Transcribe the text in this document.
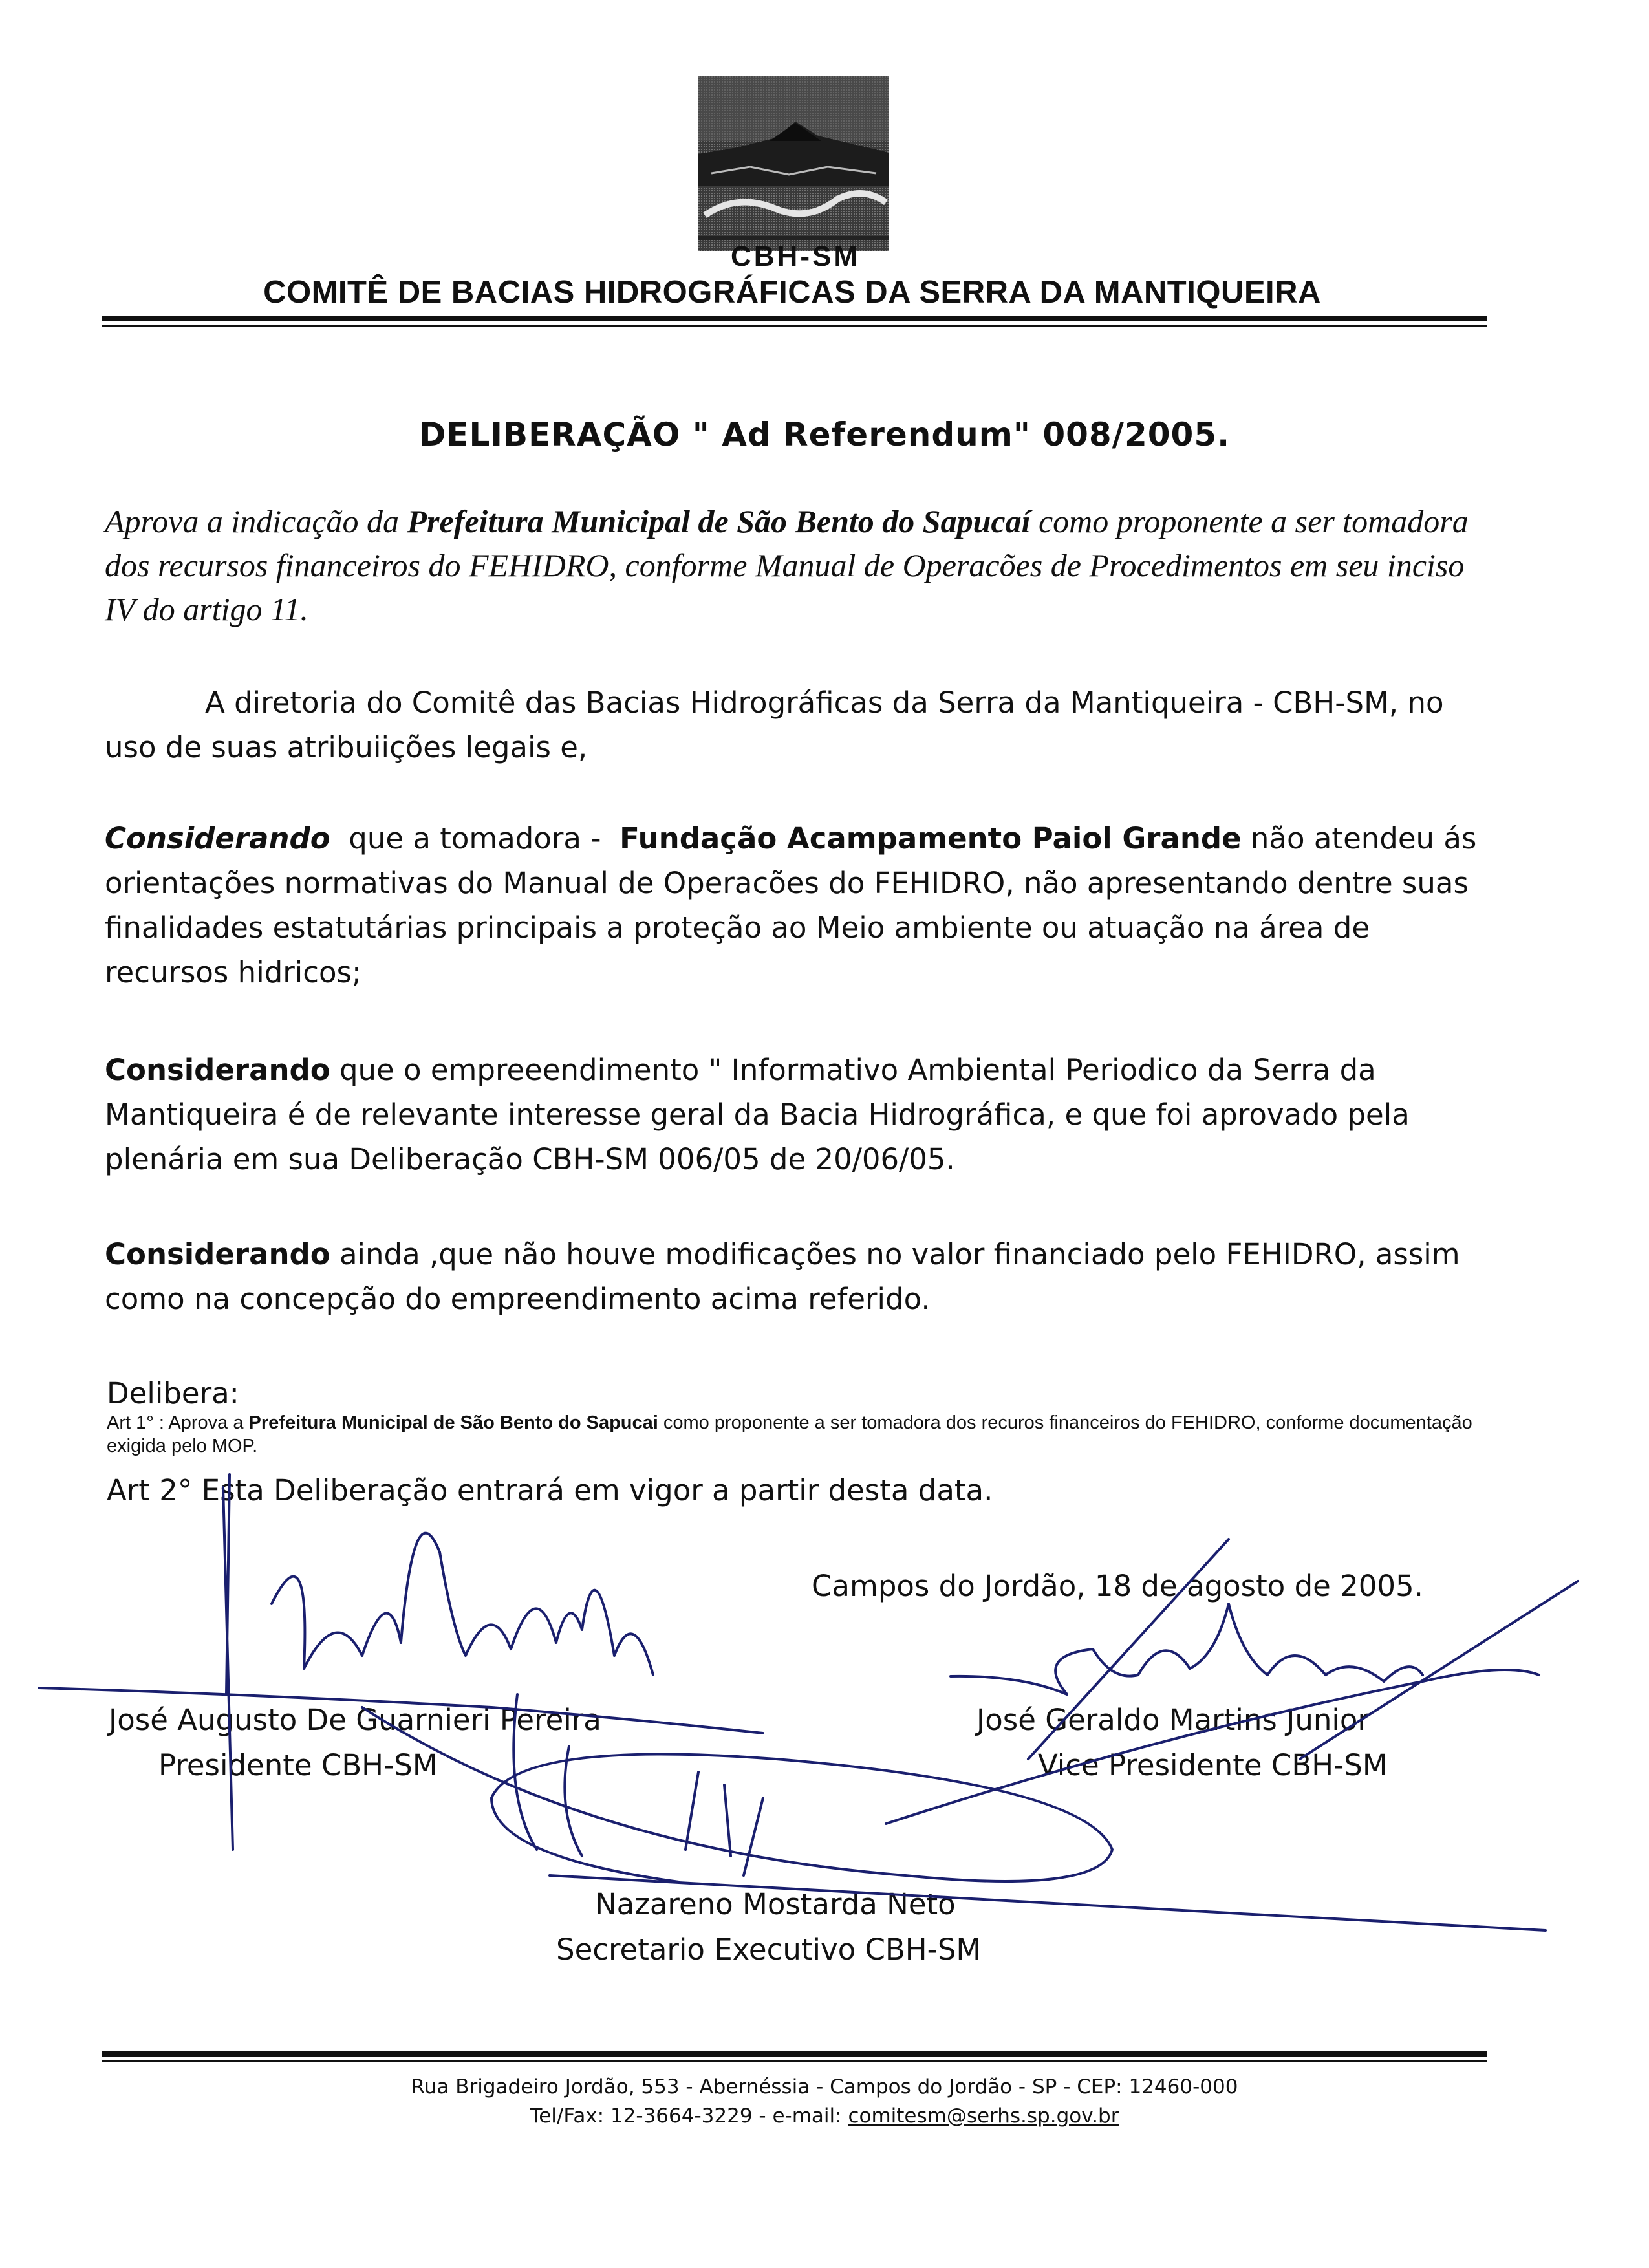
CBH-SM
COMITÊ DE BACIAS HIDROGRÁFICAS DA SERRA DA MANTIQUEIRA
DELIBERAÇÃO " Ad Referendum" 008/2005.
Aprova a indicação da Prefeitura Municipal de São Bento do Sapucaí como proponente a ser tomadora dos recursos financeiros do FEHIDRO, conforme Manual de Operacões de Procedimentos em seu inciso IV do artigo 11.
A diretoria do Comitê das Bacias Hidrográficas da Serra da Mantiqueira - CBH-SM, no uso de suas atribuiições legais e,
Considerando  que a tomadora -  Fundação Acampamento Paiol Grande não atendeu ás orientações normativas do Manual de Operacões do FEHIDRO, não apresentando dentre suas finalidades estatutárias principais a proteção ao Meio ambiente ou atuação na área de recursos hidricos;
Considerando que o empreeendimento " Informativo Ambiental Periodico da Serra da Mantiqueira é de relevante interesse geral da Bacia Hidrográfica, e que foi aprovado pela plenária em sua Deliberação CBH-SM 006/05 de 20/06/05.
Considerando ainda ,que não houve modificações no valor financiado pelo FEHIDRO, assim como na concepção do empreendimento acima referido.
Delibera:
Art 1° : Aprova a Prefeitura Municipal de São Bento do Sapucai como proponente a ser tomadora dos recuros financeiros do FEHIDRO, conforme documentação exigida pelo MOP.
Art 2° Esta Deliberação entrará em vigor a partir desta data.
Campos do Jordão, 18 de agosto de 2005.
José Augusto De Guarnieri Pereira
Presidente CBH-SM
José Geraldo Martins Junior
Vice Presidente CBH-SM
Nazareno Mostarda Neto
Secretario Executivo CBH-SM
Rua Brigadeiro Jordão, 553 - Abernéssia - Campos do Jordão - SP - CEP: 12460-000
Tel/Fax: 12-3664-3229 - e-mail: comitesm@serhs.sp.gov.br
